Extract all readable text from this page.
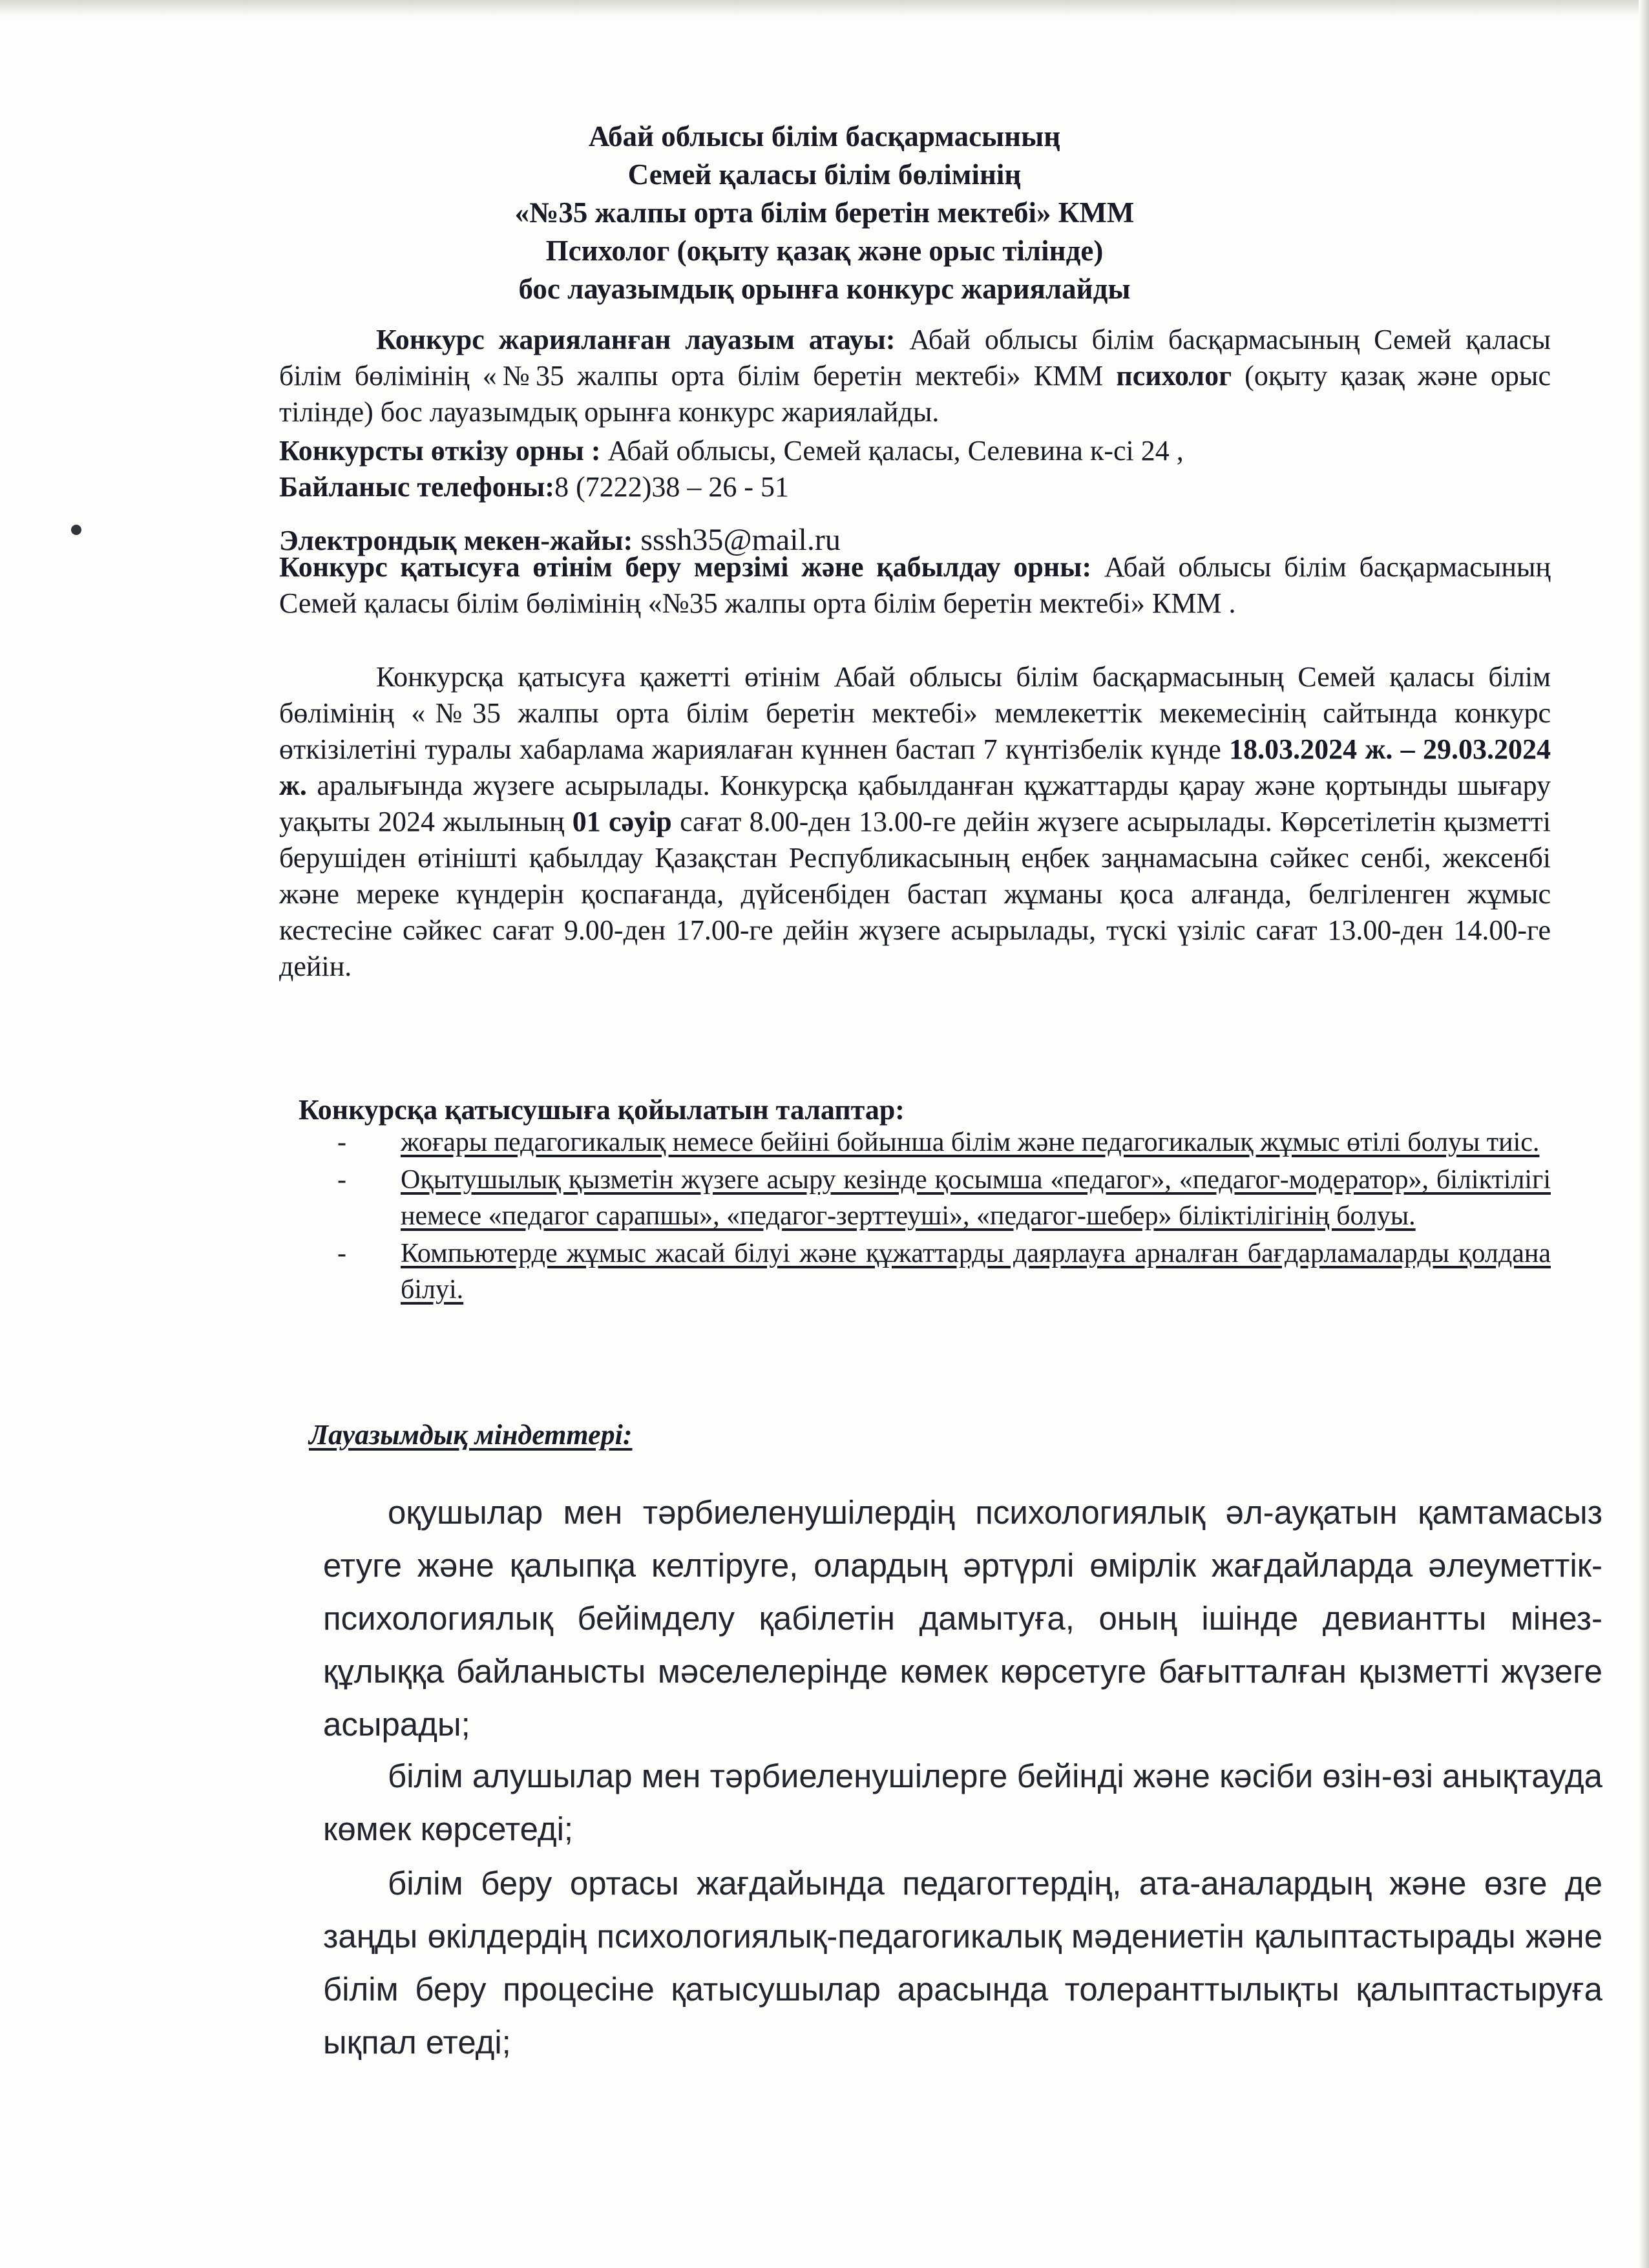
Абай облысы білім басқармасының
Семей қаласы білім бөлімінің
«№35 жалпы орта білім беретін мектебі» КММ
Психолог (оқыту қазақ және орыс тілінде)
бос лауазымдық орынға конкурс жариялайды
Конкурс жарияланған лауазым атауы: Абай облысы білім басқармасының Семей қаласы білім бөлімінің «№35 жалпы орта білім беретін мектебі» КММ психолог (оқыту қазақ және орыс тілінде) бос лауазымдық орынға конкурс жариялайды.
Конкурсты өткізу орны : Абай облысы, Семей қаласы, Селевина к-сі 24 ,
Байланыс телефоны:8 (7222)38 – 26 - 51
Электрондық мекен-жайы: sssh35@mail.ru
Конкурс қатысуға өтінім беру мерзімі және қабылдау орны: Абай облысы білім басқармасының Семей қаласы білім бөлімінің «№35 жалпы орта білім беретін мектебі» КММ .
Конкурсқа қатысуға қажетті өтінім Абай облысы білім басқармасының Семей қаласы білім бөлімінің «№35 жалпы орта білім беретін мектебі» мемлекеттік мекемесінің сайтында конкурс өткізілетіні туралы хабарлама жариялаған күннен бастап 7 күнтізбелік күнде 18.03.2024 ж. – 29.03.2024 ж. аралығында жүзеге асырылады. Конкурсқа қабылданған құжаттарды қарау және қортынды шығару уақыты 2024 жылының 01 сәуір сағат 8.00-ден 13.00-ге дейін жүзеге асырылады. Көрсетілетін қызметті берушіден өтінішті қабылдау Қазақстан Республикасының еңбек заңнамасына сәйкес сенбі, жексенбі және мереке күндерін қоспағанда, дүйсенбіден бастап жұманы қоса алғанда, белгіленген жұмыс кестесіне сәйкес сағат 9.00-ден 17.00-ге дейін жүзеге асырылады, түскі үзіліс сағат 13.00-ден 14.00-ге дейін.
Конкурсқа қатысушыға қойылатын талаптар:
- жоғары педагогикалық немесе бейіні бойынша білім және педагогикалық жұмыс өтілі болуы тиіс.
- Оқытушылық қызметін жүзеге асыру кезінде қосымша «педагог», «педагог-модератор», біліктілігі немесе «педагог сарапшы», «педагог-зерттеуші», «педагог-шебер» біліктілігінің болуы.
- Компьютерде жұмыс жасай білуі және құжаттарды даярлауға арналған бағдарламаларды қолдана білуі.
Лауазымдық міндеттері:
оқушылар мен тәрбиеленушілердің психологиялық әл-ауқатын қамтамасыз етуге және қалыпқа келтіруге, олардың әртүрлі өмірлік жағдайларда әлеуметтік-психологиялық бейімделу қабілетін дамытуға, оның ішінде девиантты мінез-құлыққа байланысты мәселелерінде көмек көрсетуге бағытталған қызметті жүзеге асырады;
білім алушылар мен тәрбиеленушілерге бейінді және кәсіби өзін-өзі анықтауда көмек көрсетеді;
білім беру ортасы жағдайында педагогтердің, ата-аналардың және өзге де заңды өкілдердің психологиялық-педагогикалық мәдениетін қалыптастырады және білім беру процесіне қатысушылар арасында толеранттылықты қалыптастыруға ықпал етеді;
